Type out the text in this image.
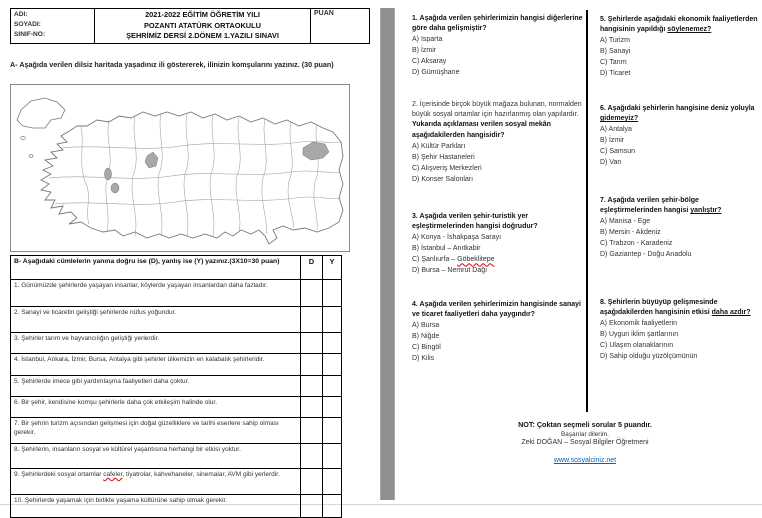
ADI:
SOYADI:
SINIF-NO:
2021-2022 EĞİTİM ÖĞRETİM YILI
POZANTI ATATÜRK ORTAOKULU
ŞEHRİMİZ DERSİ 2.DÖNEM 1.YAZILI SINAVI
PUAN
A- Aşağıda verilen dilsiz haritada yaşadınız ili göstererek, ilinizin komşularını yazınız. (30 puan)
B- Aşağıdaki cümlelerin yanına doğru ise (D), yanlış ise (Y) yazınız.(3X10=30 puan)	D	Y
1. Günümüzde şehirlerde yaşayan insanlar, köylerde yaşayan insanlardan daha fazladır.
2. Sanayi ve ticaretin geliştiği şehirlerde nüfus yoğundur.
3. Şehirler tarım ve hayvancılığın geliştiği yerlerdir.
4. İstanbul, Ankara, İzmir, Bursa, Antalya gibi şehirler ülkemizin en kalabalık şehirleridir.
5. Şehirlerde imece gibi yardımlaşma faaliyetleri daha çoktur.
6. Bir şehir, kendisine komşu şehirlerle daha çok etkileşim halinde olur.
7. Bir şehrin turizm açısından gelişmesi için doğal güzelliklere ve tarihi eserlere sahip olması gerekir.
8. Şehirlerin, insanların sosyal ve kültürel yaşantısına herhangi bir etkisi yoktur.
9. Şehirlerdeki sosyal ortamlar cafeler, tiyatrolar, kahvehaneler, sinemalar, AVM gibi yerlerdir.
10. Şehirlerde yaşamak için birlikte yaşama kültürüne sahip olmak gerekir.
1. Aşağıda verilen şehirlerimizin hangisi diğerlerine göre daha gelişmiştir?
A) Isparta
B) İzmir
C) Aksaray
D) Gümüşhane
2. İçerisinde birçok büyük mağaza bulunan, normalden büyük sosyal ortamlar için hazırlanmış olan yapılardır.
Yukarıda açıklaması verilen sosyal mekân aşağıdakilerden hangisidir?
A) Kültür Parkları
B) Şehir Hastaneleri
C) Alışveriş Merkezleri
D) Konser Salonları
3. Aşağıda verilen şehir-turistik yer eşleştirmelerinden hangisi doğrudur?
A) Konya - İshakpaşa Sarayı
B) İstanbul – Anıtkabir
C) Şanlıurfa – Göbeklitepe
D) Bursa – Nemrut Dağı
4. Aşağıda verilen şehirlerimizin hangisinde sanayi ve ticaret faaliyetleri daha yaygındır?
A) Bursa
B) Niğde
C) Bingöl
D) Kilis
5. Şehirlerde aşağıdaki ekonomik faaliyetlerden hangisinin yapıldığı söylenemez?
A) Turizm
B) Sanayi
C) Tarım
D) Ticaret
6. Aşağıdaki şehirlerin hangisine deniz yoluyla gidemeyiz?
A) Antalya
B) İzmir
C) Samsun
D) Van
7. Aşağıda verilen şehir-bölge eşleştirmelerinden hangisi yanlıştır?
A) Manisa - Ege
B) Mersin - Akdeniz
C) Trabzon - Karadeniz
D) Gaziantep - Doğu Anadolu
8. Şehirlerin büyüyüp gelişmesinde aşağıdakilerden hangisinin etkisi daha azdır?
A) Ekonomik faaliyetlerin
B) Uygun iklim şartlarının
C) Ulaşım olanaklarının
D) Sahip olduğu yüzölçümünün
NOT: Çoktan seçmeli sorular 5 puandır.
Başarılar dilerim.
Zeki DOĞAN – Sosyal Bilgiler Öğretmeni
www.sosyalciniz.net
